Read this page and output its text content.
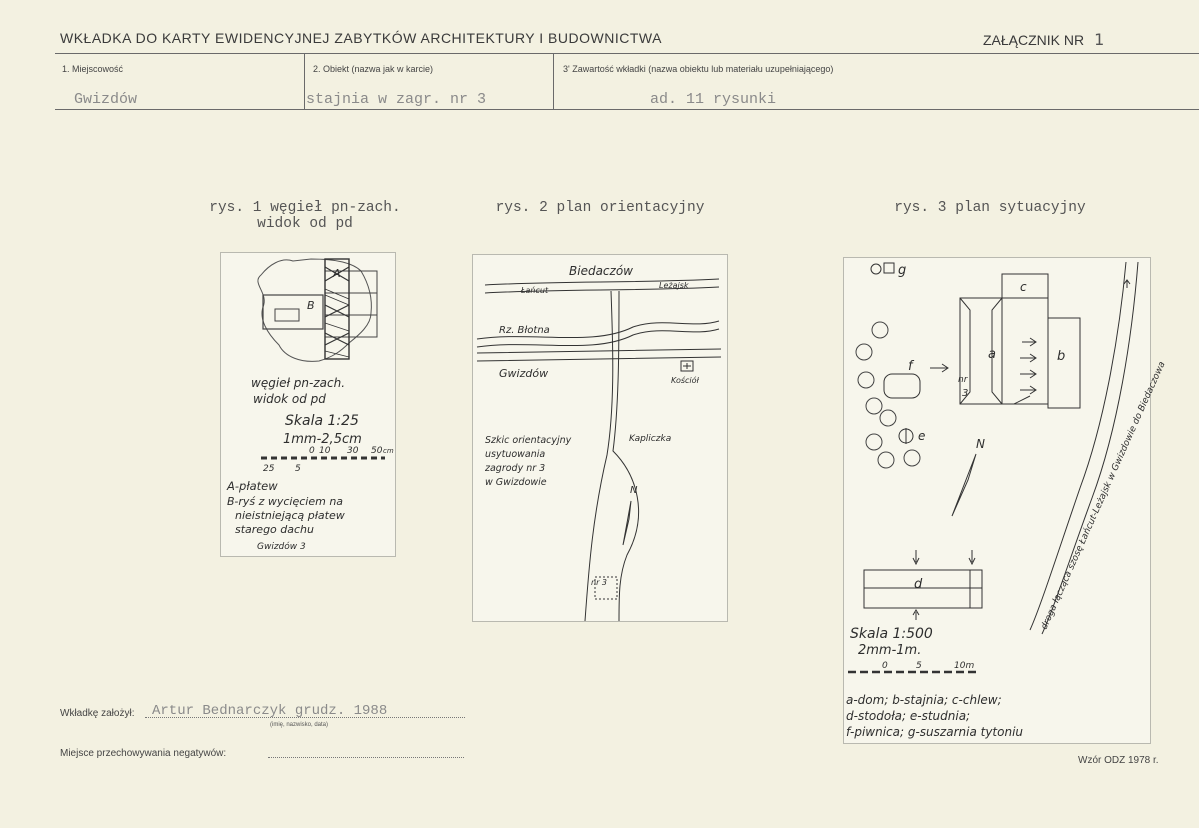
WKŁADKA DO KARTY EWIDENCYJNEJ ZABYTKÓW ARCHITEKTURY I BUDOWNICTWA	ZAŁĄCZNIK NR 1
1. Miejscowość	2. Obiekt (nazwa jak w karcie)	3' Zawartość wkładki (nazwa obiektu lub materiału uzupełniającego)
Gwizdów	stajnia w zagr. nr 3	ad. 11 rysunki
rys. 1 węgieł pn-zach.
widok od pd
rys. 2 plan orientacyjny	rys. 3 plan sytuacyjny
A
B
węgieł pn-zach.
widok od pd
Skala 1:25
1mm-2,5cm
25 5
0 10 30 50 cm
A-płatew
B-ryś z wycięciem na
nieistniejącą płatew
starego dachu
Gwizdów 3
Biedaczów
Łańcut
Leżajsk
Rz. Błotna
Gwizdów
Kościół
Kapliczka
Szkic orientacyjny
usytuowania
zagrody nr 3
w Gwizdowie
N
nr 3
g
c
a	b
nr
3
f
e
N
d	droga łącząca szosę Łańcut-Leżajsk w Gwizdowie do Biedaczowa
Skala 1:500
2mm-1m.
0	5	10m
a-dom; b-stajnia; c-chlew;
d-stodoła; e-studnia;
f-piwnica; g-suszarnia tytoniu
Wkładkę założył: Artur Bednarczyk grudz. 1988
(imię, nazwisko, data)
Miejsce przechowywania negatywów:
Wzór ODZ 1978 r.
